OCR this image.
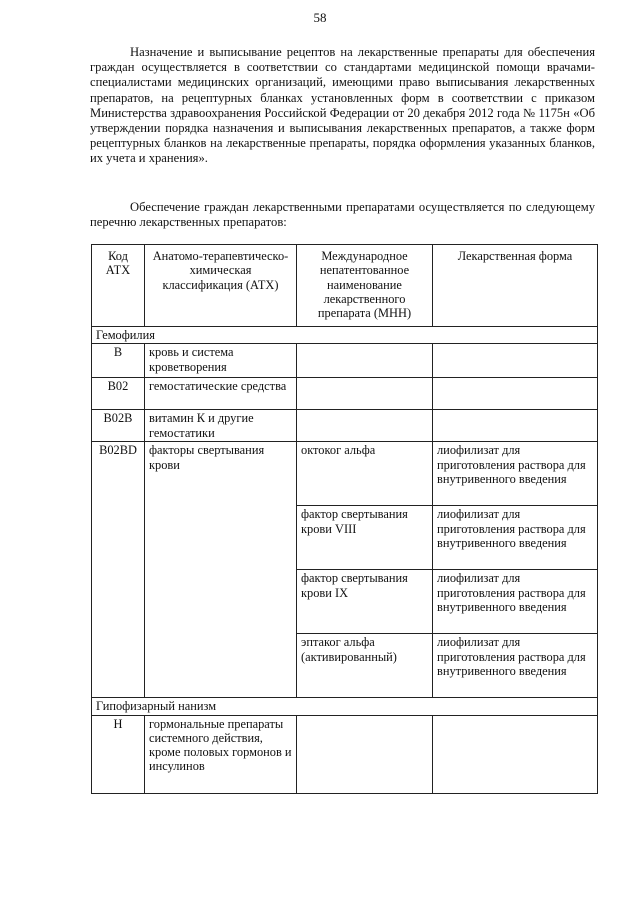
58

Назначение и выписывание рецептов на лекарственные препараты для обеспечения граждан осуществляется в соответствии со стандартами медицинской помощи врачами-специалистами медицинских организаций, имеющими право выписывания лекарственных препаратов, на рецептурных бланках установленных форм в соответствии с приказом Министерства здравоохранения Российской Федерации от 20 декабря 2012 года № 1175н «Об утверждении порядка назначения и выписывания лекарственных препаратов, а также форм рецептурных бланков на лекарственные препараты, порядка оформления указанных бланков, их учета и хранения».

Обеспечение граждан лекарственными препаратами осуществляется по следующему перечню лекарственных препаратов:

Код АТХ	Анатомо-терапевтическо-химическая классификация (АТХ)	Международное непатентованное наименование лекарственного препарата (МНН)	Лекарственная форма
Гемофилия			
B	кровь и система кроветворения		
B02	гемостатические средства		
B02B	витамин К и другие гемостатики		
B02BD	факторы свертывания крови	октоког альфа	лиофилизат для приготовления раствора для внутривенного введения
		фактор свертывания крови VIII	лиофилизат для приготовления раствора для внутривенного введения
		фактор свертывания крови IX	лиофилизат для приготовления раствора для внутривенного введения
		эптаког альфа (активированный)	лиофилизат для приготовления раствора для внутривенного введения
Гипофизарный нанизм			
H	гормональные препараты системного действия, кроме половых гормонов и инсулинов		
